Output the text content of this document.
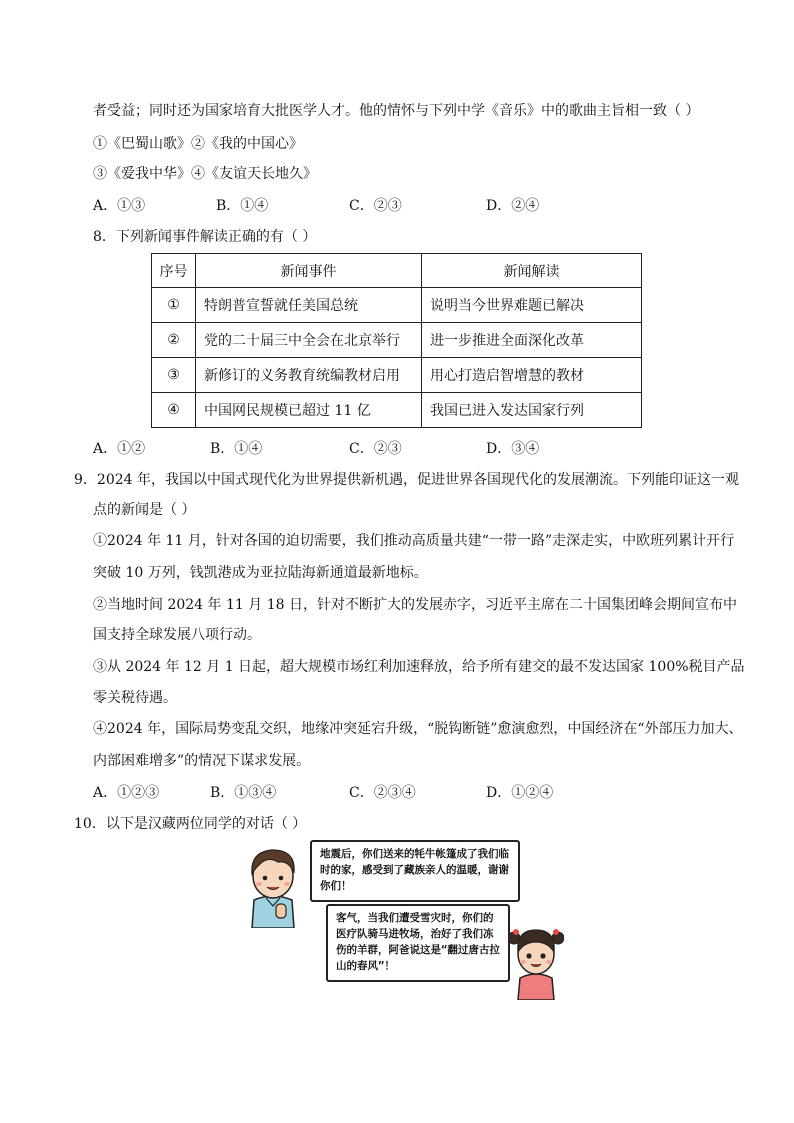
者受益；同时还为国家培育大批医学人才。他的情怀与下列中学《音乐》中的歌曲主旨相一致（ ）
①《巴蜀山歌》②《我的中国心》
③《爱我中华》④《友谊天长地久》
A．①③	B．①④	C．②③	D．②④
8．下列新闻事件解读正确的有（ ）
序号	新闻事件	新闻解读
①	特朗普宣誓就任美国总统	说明当今世界难题已解决
②	党的二十届三中全会在北京举行	进一步推进全面深化改革
③	新修订的义务教育统编教材启用	用心打造启智增慧的教材
④	中国网民规模已超过 11 亿	我国已进入发达国家行列
A．①②	B．①④	C．②③	D．③④
9．2024 年，我国以中国式现代化为世界提供新机遇，促进世界各国现代化的发展潮流。下列能印证这一观
点的新闻是（ ）
①2024 年 11 月，针对各国的迫切需要，我们推动高质量共建“一带一路”走深走实，中欧班列累计开行
突破 10 万列，钱凯港成为亚拉陆海新通道最新地标。
②当地时间 2024 年 11 月 18 日，针对不断扩大的发展赤字，习近平主席在二十国集团峰会期间宣布中
国支持全球发展八项行动。
③从 2024 年 12 月 1 日起，超大规模市场红利加速释放，给予所有建交的最不发达国家 100%税目产品
零关税待遇。
④2024 年，国际局势变乱交织，地缘冲突延宕升级，“脱钩断链”愈演愈烈，中国经济在“外部压力加大、
内部困难增多”的情况下谋求发展。
A．①②③	B．①③④	C．②③④	D．①②④
10．以下是汉藏两位同学的对话（ ）
地震后，你们送来的牦牛帐篷成了我们临时的家，感受到了藏族亲人的温暖，谢谢你们！
客气，当我们遭受雪灾时，你们的医疗队骑马进牧场，治好了我们冻伤的羊群，阿爸说这是“翻过唐古拉山的春风”！
